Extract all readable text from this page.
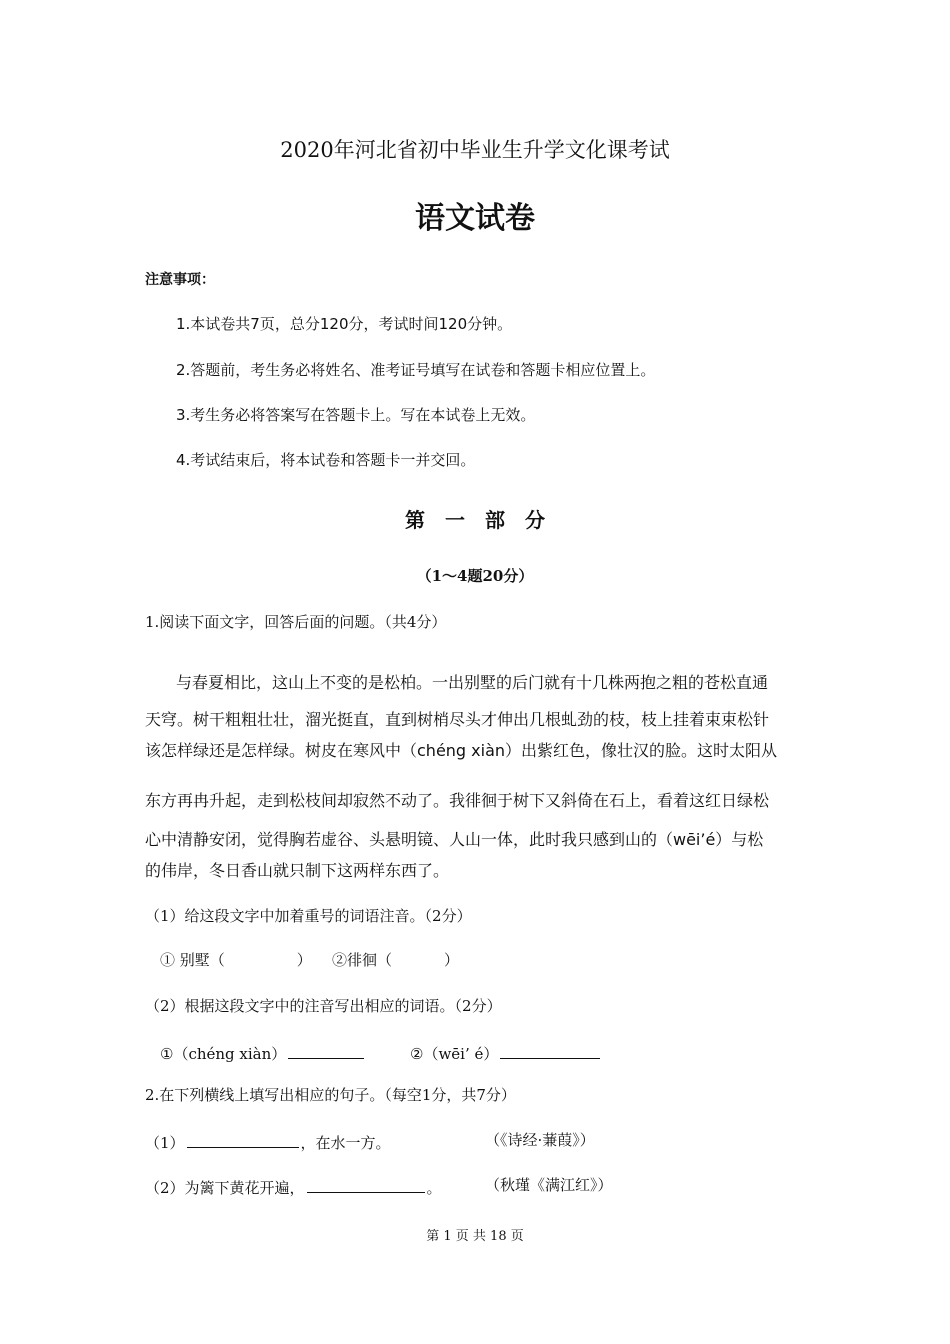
2020年河北省初中毕业生升学文化课考试
语文试卷
注意事项：
1.本试卷共7页，总分120分，考试时间120分钟。
2.答题前，考生务必将姓名、准考证号填写在试卷和答题卡相应位置上。
3.考生务必将答案写在答题卡上。写在本试卷上无效。
4.考试结束后，将本试卷和答题卡一并交回。
第一部分
（1～4题20分）
1.阅读下面文字，回答后面的问题。（共4分）
与春夏相比，这山上不变的是松柏。一出别墅的后门就有十几株两抱之粗的苍松直通
天穹。树干粗粗壮壮，溜光挺直，直到树梢尽头才伸出几根虬劲的枝，枝上挂着束束松针
该怎样绿还是怎样绿。树皮在寒风中（chéng xiàn）出紫红色，像壮汉的脸。这时太阳从
东方再冉升起，走到松枝间却寂然不动了。我徘徊于树下又斜倚在石上，看着这红日绿松
心中清静安闭，觉得胸若虚谷、头悬明镜、人山一体，此时我只感到山的（wēi’é）与松
的伟岸，冬日香山就只制下这两样东西了。
（1）给这段文字中加着重号的词语注音。（2分）
① 别墅（	） ②徘徊（	）
（2）根据这段文字中的注音写出相应的词语。（2分）
①（chéng xiàn）	②（wēi’ é）
2.在下列横线上填写出相应的句子。（每空1分，共7分）
（1）	，在水一方。	（《诗经·蒹葭》）
（2）为篱下黄花开遍，	。	（秋瑾《满江红》）
第 1 页 共 18 页
